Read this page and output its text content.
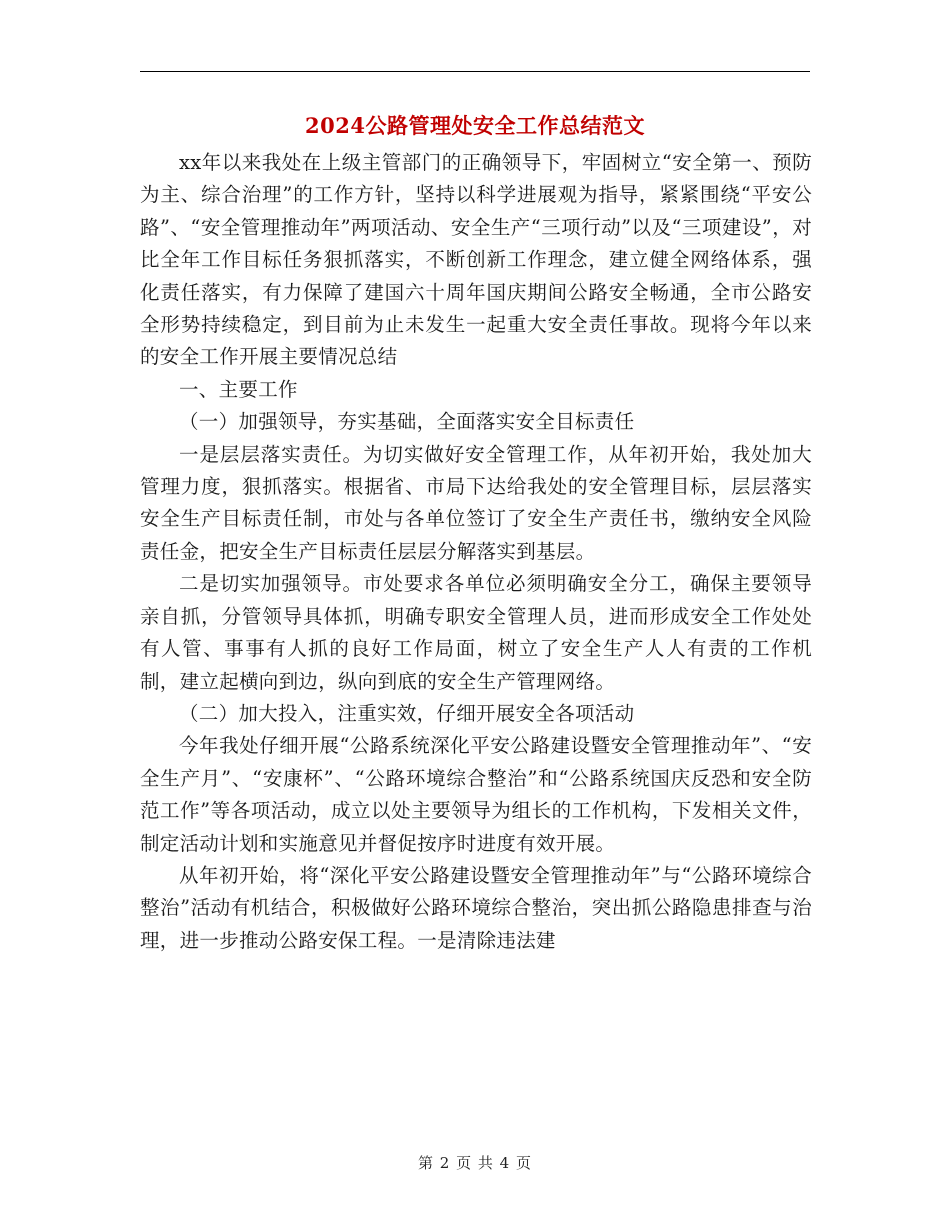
2024公路管理处安全工作总结范文

xx年以来我处在上级主管部门的正确领导下，牢固树立“安全第一、预防为主、综合治理”的工作方针，坚持以科学进展观为指导，紧紧围绕“平安公路”、“安全管理推动年”两项活动、安全生产“三项行动”以及“三项建设”，对比全年工作目标任务狠抓落实，不断创新工作理念，建立健全网络体系，强化责任落实，有力保障了建国六十周年国庆期间公路安全畅通，全市公路安全形势持续稳定，到目前为止未发生一起重大安全责任事故。现将今年以来的安全工作开展主要情况总结

一、主要工作

（一）加强领导，夯实基础，全面落实安全目标责任

一是层层落实责任。为切实做好安全管理工作，从年初开始，我处加大管理力度，狠抓落实。根据省、市局下达给我处的安全管理目标，层层落实安全生产目标责任制，市处与各单位签订了安全生产责任书，缴纳安全风险责任金，把安全生产目标责任层层分解落实到基层。

二是切实加强领导。市处要求各单位必须明确安全分工，确保主要领导亲自抓，分管领导具体抓，明确专职安全管理人员，进而形成安全工作处处有人管、事事有人抓的良好工作局面，树立了安全生产人人有责的工作机制，建立起横向到边，纵向到底的安全生产管理网络。

（二）加大投入，注重实效，仔细开展安全各项活动

今年我处仔细开展“公路系统深化平安公路建设暨安全管理推动年”、“安全生产月”、“安康杯”、“公路环境综合整治”和“公路系统国庆反恐和安全防范工作”等各项活动，成立以处主要领导为组长的工作机构，下发相关文件，制定活动计划和实施意见并督促按序时进度有效开展。

从年初开始，将“深化平安公路建设暨安全管理推动年”与“公路环境综合整治”活动有机结合，积极做好公路环境综合整治，突出抓公路隐患排查与治理，进一步推动公路安保工程。一是清除违法建

第 2 页 共 4 页
